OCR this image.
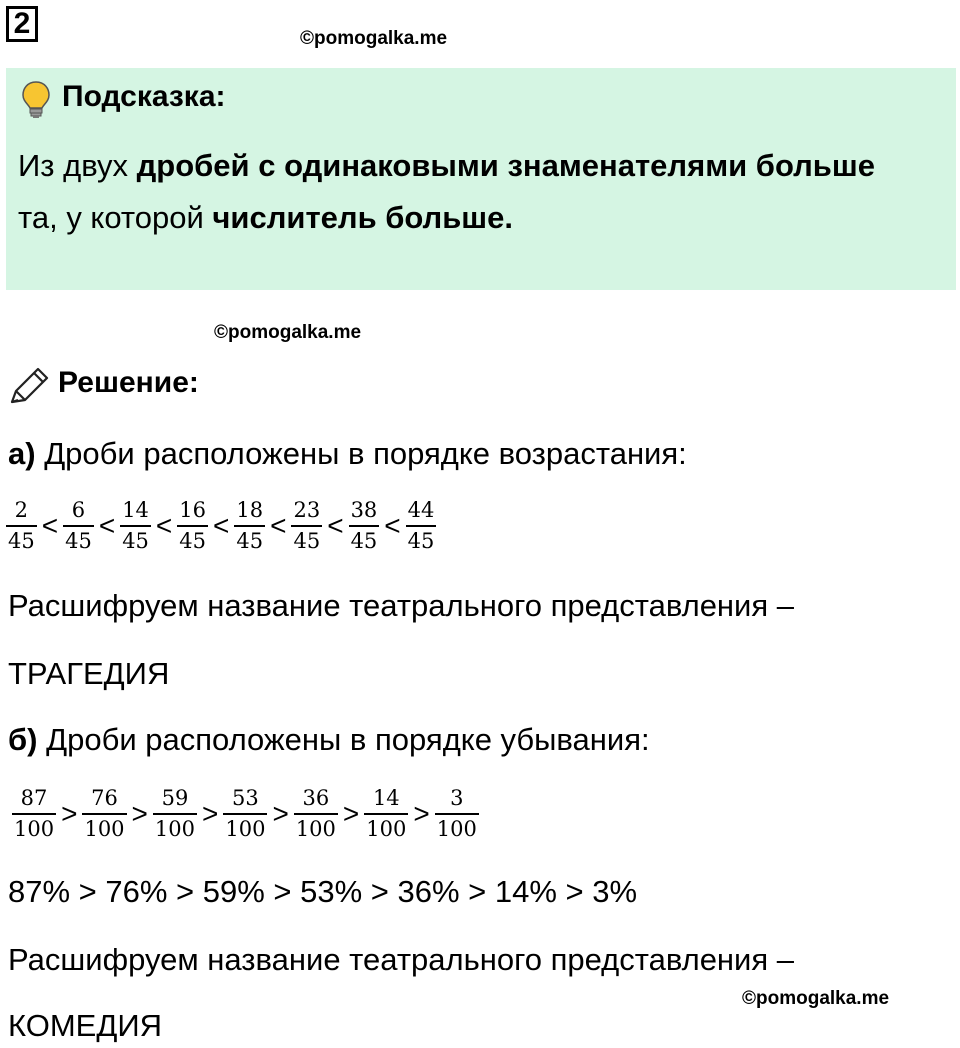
2	©pomogalka.me
Подсказка:
Из двух дробей с одинаковыми знаменателями больше
та, у которой числитель больше.
©pomogalka.me
Решение:
а) Дроби расположены в порядке возрастания:
$\frac{2}{45} < \frac{6}{45} < \frac{14}{45} < \frac{16}{45} < \frac{18}{45} < \frac{23}{45} < \frac{38}{45} < \frac{44}{45}$
Расшифруем название театрального представления –
ТРАГЕДИЯ
б) Дроби расположены в порядке убывания:
$\frac{87}{100} > \frac{76}{100} > \frac{59}{100} > \frac{53}{100} > \frac{36}{100} > \frac{14}{100} > \frac{3}{100}$
87% > 76% > 59% > 53% > 36% > 14% > 3%
Расшифруем название театрального представления –
©pomogalka.me
КОМЕДИЯ
